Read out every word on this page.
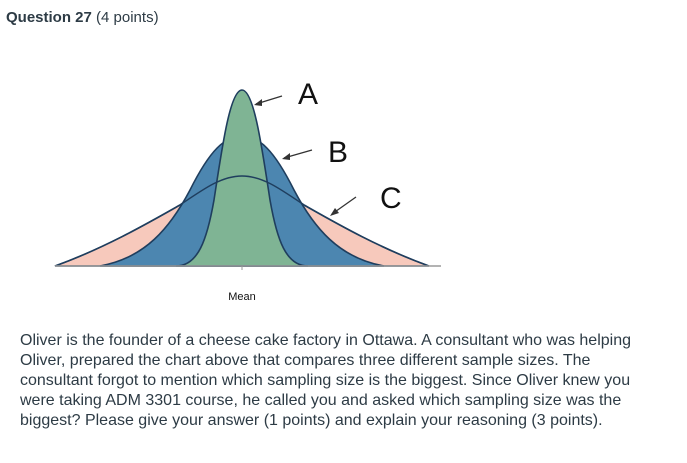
Question 27 (4 points)
A
B
C
Mean

Oliver is the founder of a cheese cake factory in Ottawa. A consultant who was helping Oliver, prepared the chart above that compares three different sample sizes. The consultant forgot to mention which sampling size is the biggest. Since Oliver knew you were taking ADM 3301 course, he called you and asked which sampling size was the biggest? Please give your answer (1 points) and explain your reasoning (3 points).
